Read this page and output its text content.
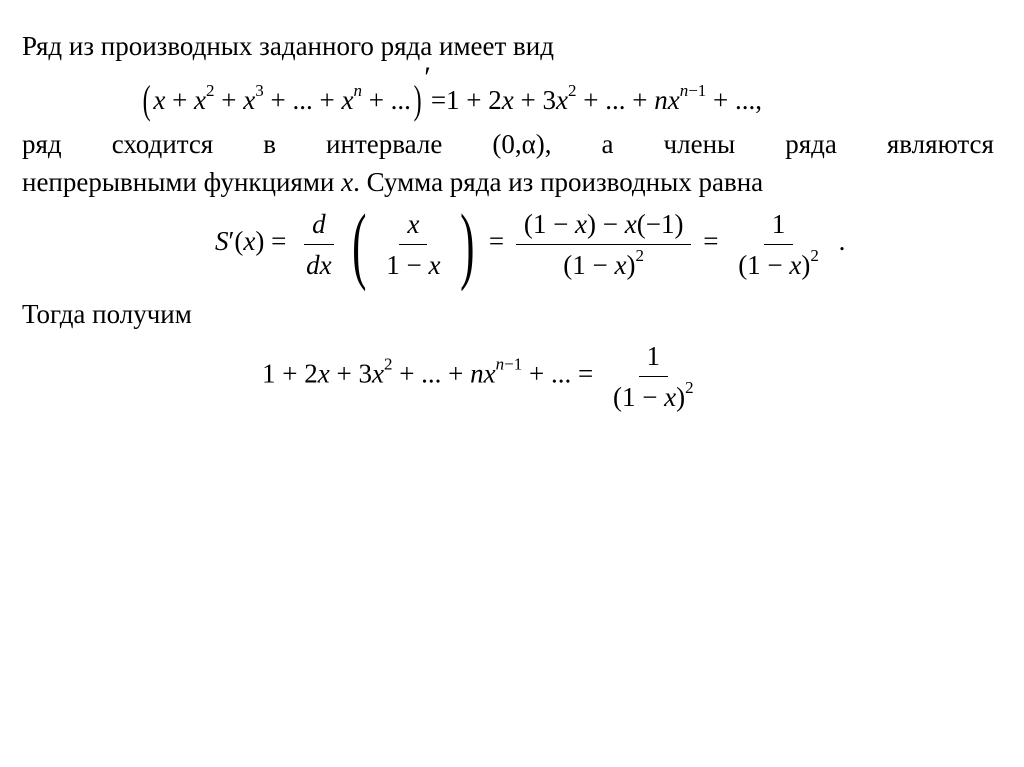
Ряд из производных заданного ряда имеет вид
($x + x^2 + x^3$ + ... + $x^n + ...)'=1 + 2x + 3x^2$ + ... + $nx^{n-1}$ + ...,
ряд сходится в интервале (0,α), а члены ряда являются
непрерывными функциями x. Сумма ряда из производных равна
$S'(x) = \frac{d}{dx}$ ( $\frac{x}{1 - x}$ ) = $\frac{(1 - x) - x(-1)}{(1 - x)^2} = \frac{1}{(1 - x)^2}$ .
Тогда получим
$1 + 2x + 3x^2$ + ... + $nx^{n-1}$ + ... = $\frac{1}{(1 - x)^2}$
